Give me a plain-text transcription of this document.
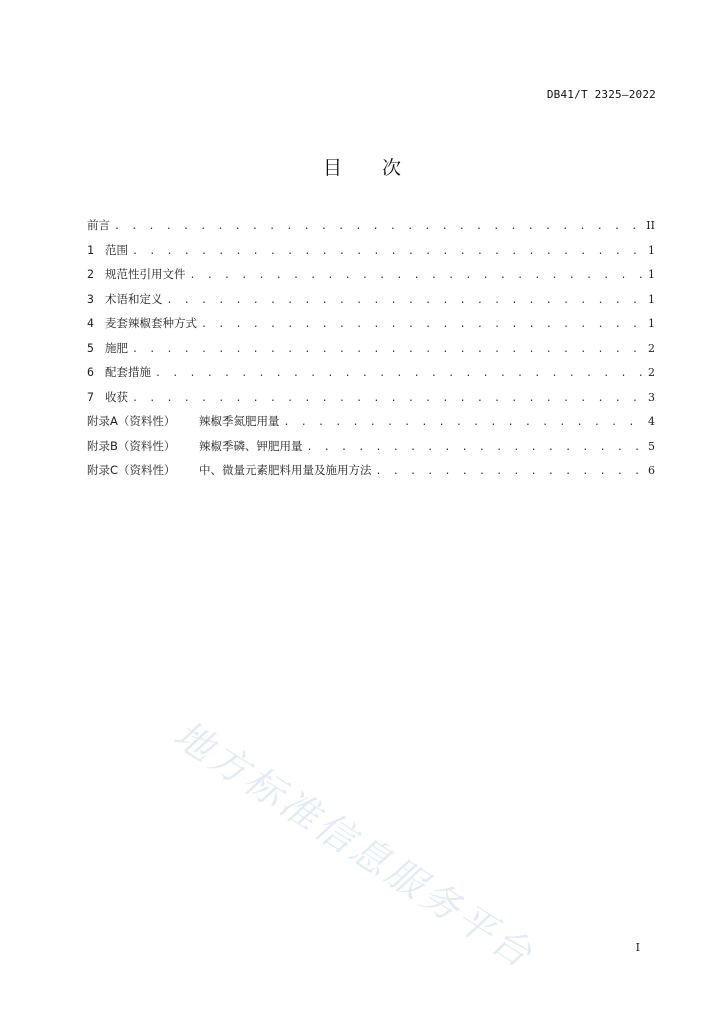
DB41/T 2325—2022
目 次
前言 . . .	II
1 范围 . . .	1
2 规范性引用文件 . . .	1
3 术语和定义 . . .	1
4 麦套辣椒套种方式 . . .	1
5 施肥 . . .	2
6 配套措施 . . .	2
7 收获 . . .	3
附录A（资料性）	辣椒季氮肥用量 . . .	4
附录B（资料性）	辣椒季磷、钾肥用量 . . .	5
附录C（资料性）	中、微量元素肥料用量及施用方法 . . .	6
地方标准信息服务平台	I
